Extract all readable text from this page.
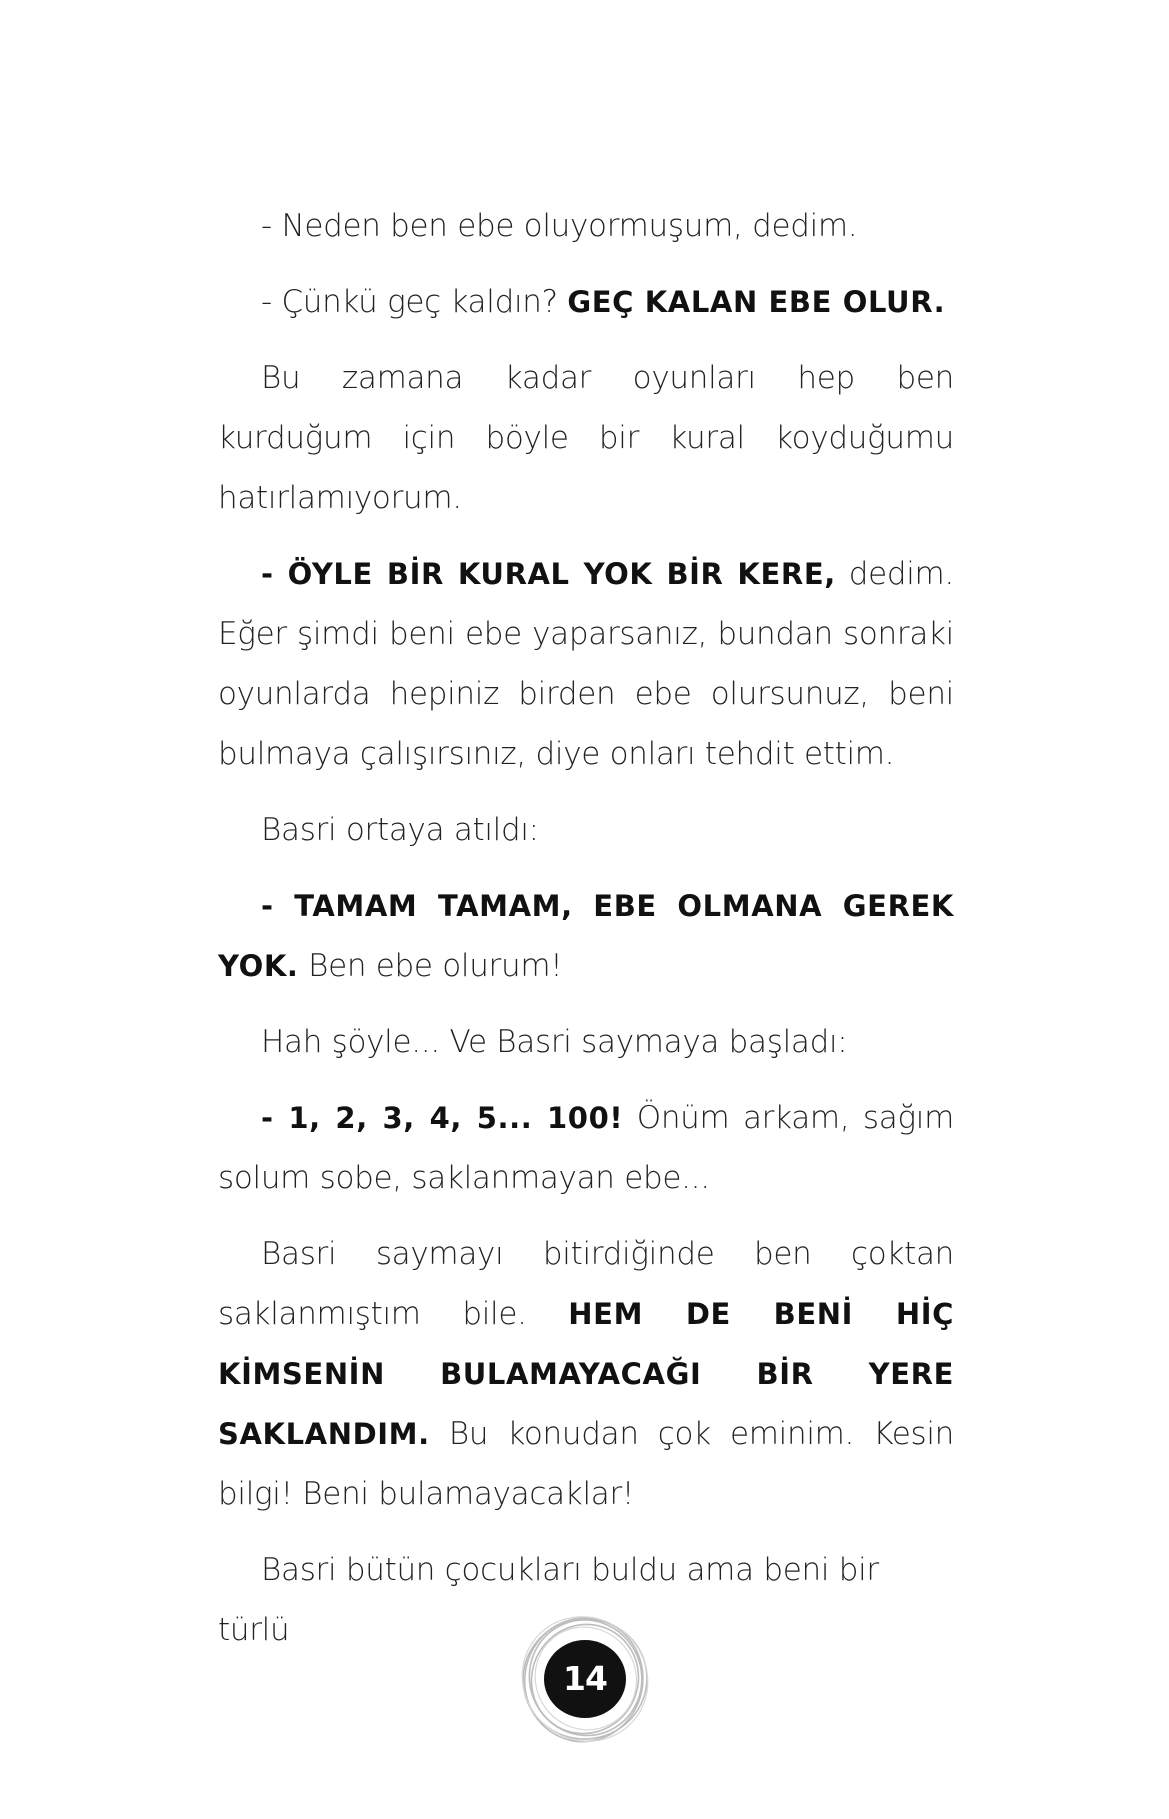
- Neden ben ebe oluyormuşum, dedim.

- Çünkü geç kaldın? GEÇ KALAN EBE OLUR.

Bu zamana kadar oyunları hep ben kurduğum için böyle bir kural koyduğumu hatırlamıyorum.

- ÖYLE BİR KURAL YOK BİR KERE, dedim. Eğer şimdi beni ebe yaparsanız, bundan sonraki oyunlarda hepiniz birden ebe olursunuz, beni bulmaya çalışırsınız, diye onları tehdit ettim.

Basri ortaya atıldı:

- TAMAM TAMAM, EBE OLMANA GEREK YOK. Ben ebe olurum!

Hah şöyle... Ve Basri saymaya başladı:

- 1, 2, 3, 4, 5... 100! Önüm arkam, sağım solum sobe, saklanmayan ebe...

Basri saymayı bitirdiğinde ben çoktan saklanmıştım bile. HEM DE BENİ HİÇ KİMSENİN BULAMAYACAĞI BİR YERE SAKLANDIM. Bu konudan çok eminim. Kesin bilgi! Beni bulamayacaklar!

Basri bütün çocukları buldu ama beni bir türlü

14
